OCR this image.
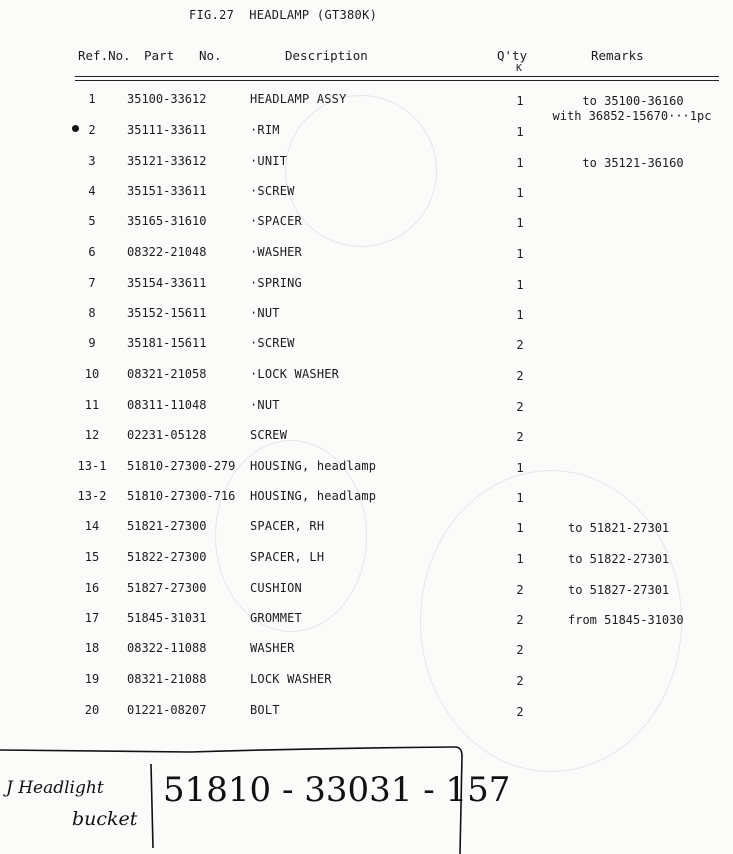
FIG.27  HEADLAMP (GT380K)
Ref.No. Part No.	Description	Q'ty
K
Remarks
1	35100-33612	HEADLAMP ASSY	1	to 35100-36160
with 36852-15670···1pc
2	35111-33611	·RIM	1
3	35121-33612	·UNIT	1	to 35121-36160
4	35151-33611	·SCREW	1
5	35165-31610	·SPACER	1
6	08322-21048	·WASHER	1
7	35154-33611	·SPRING	1
8	35152-15611	·NUT	1
9	35181-15611	·SCREW	2
10	08321-21058	·LOCK WASHER	2
11	08311-11048	·NUT	2
12	02231-05128	SCREW	2
13-1	51810-27300-279 HOUSING, headlamp	1
13-2	51810-27300-716 HOUSING, headlamp	1
14	51821-27300	SPACER, RH	1	to 51821-27301
15	51822-27300	SPACER, LH	1	to 51822-27301
16	51827-27300	CUSHION	2	to 51827-27301
17	51845-31031	GROMMET	2	from 51845-31030
18	08322-11088	WASHER	2
19	08321-21088	LOCK WASHER	2
20	01221-08207	BOLT	2
J Headlight
bucket
51810 - 33031 - 157
